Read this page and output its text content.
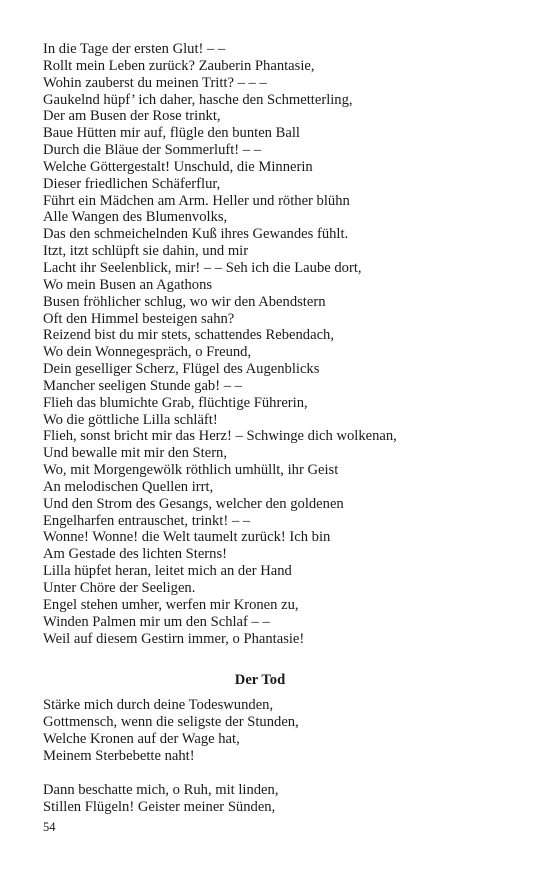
In die Tage der ersten Glut! – –

Rollt mein Leben zurück? Zauberin Phantasie,

Wohin zauberst du meinen Tritt? – – –

Gaukelnd hüpf’ ich daher, hasche den Schmetterling,

Der am Busen der Rose trinkt,

Baue Hütten mir auf, flügle den bunten Ball

Durch die Bläue der Sommerluft! – –

Welche Göttergestalt! Unschuld, die Minnerin

Dieser friedlichen Schäferflur,

Führt ein Mädchen am Arm. Heller und röther blühn

Alle Wangen des Blumenvolks,

Das den schmeichelnden Kuß ihres Gewandes fühlt.

Itzt, itzt schlüpft sie dahin, und mir

Lacht ihr Seelenblick, mir! – – Seh ich die Laube dort,

Wo mein Busen an Agathons

Busen fröhlicher schlug, wo wir den Abendstern

Oft den Himmel besteigen sahn?

Reizend bist du mir stets, schattendes Rebendach,

Wo dein Wonnegespräch, o Freund,

Dein geselliger Scherz, Flügel des Augenblicks

Mancher seeligen Stunde gab! – –

Flieh das blumichte Grab, flüchtige Führerin,

Wo die göttliche Lilla schläft!

Flieh, sonst bricht mir das Herz! – Schwinge dich wolkenan,

Und bewalle mit mir den Stern,

Wo, mit Morgengewölk röthlich umhüllt, ihr Geist

An melodischen Quellen irrt,

Und den Strom des Gesangs, welcher den goldenen

Engelharfen entrauschet, trinkt! – –

Wonne! Wonne! die Welt taumelt zurück! Ich bin

Am Gestade des lichten Sterns!

Lilla hüpfet heran, leitet mich an der Hand

Unter Chöre der Seeligen.

Engel stehen umher, werfen mir Kronen zu,

Winden Palmen mir um den Schlaf – –

Weil auf diesem Gestirn immer, o Phantasie!

Der Tod

Stärke mich durch deine Todeswunden,

Gottmensch, wenn die seligste der Stunden,

Welche Kronen auf der Wage hat,

Meinem Sterbebette naht!

Dann beschatte mich, o Ruh, mit linden,

Stillen Flügeln! Geister meiner Sünden,

54
